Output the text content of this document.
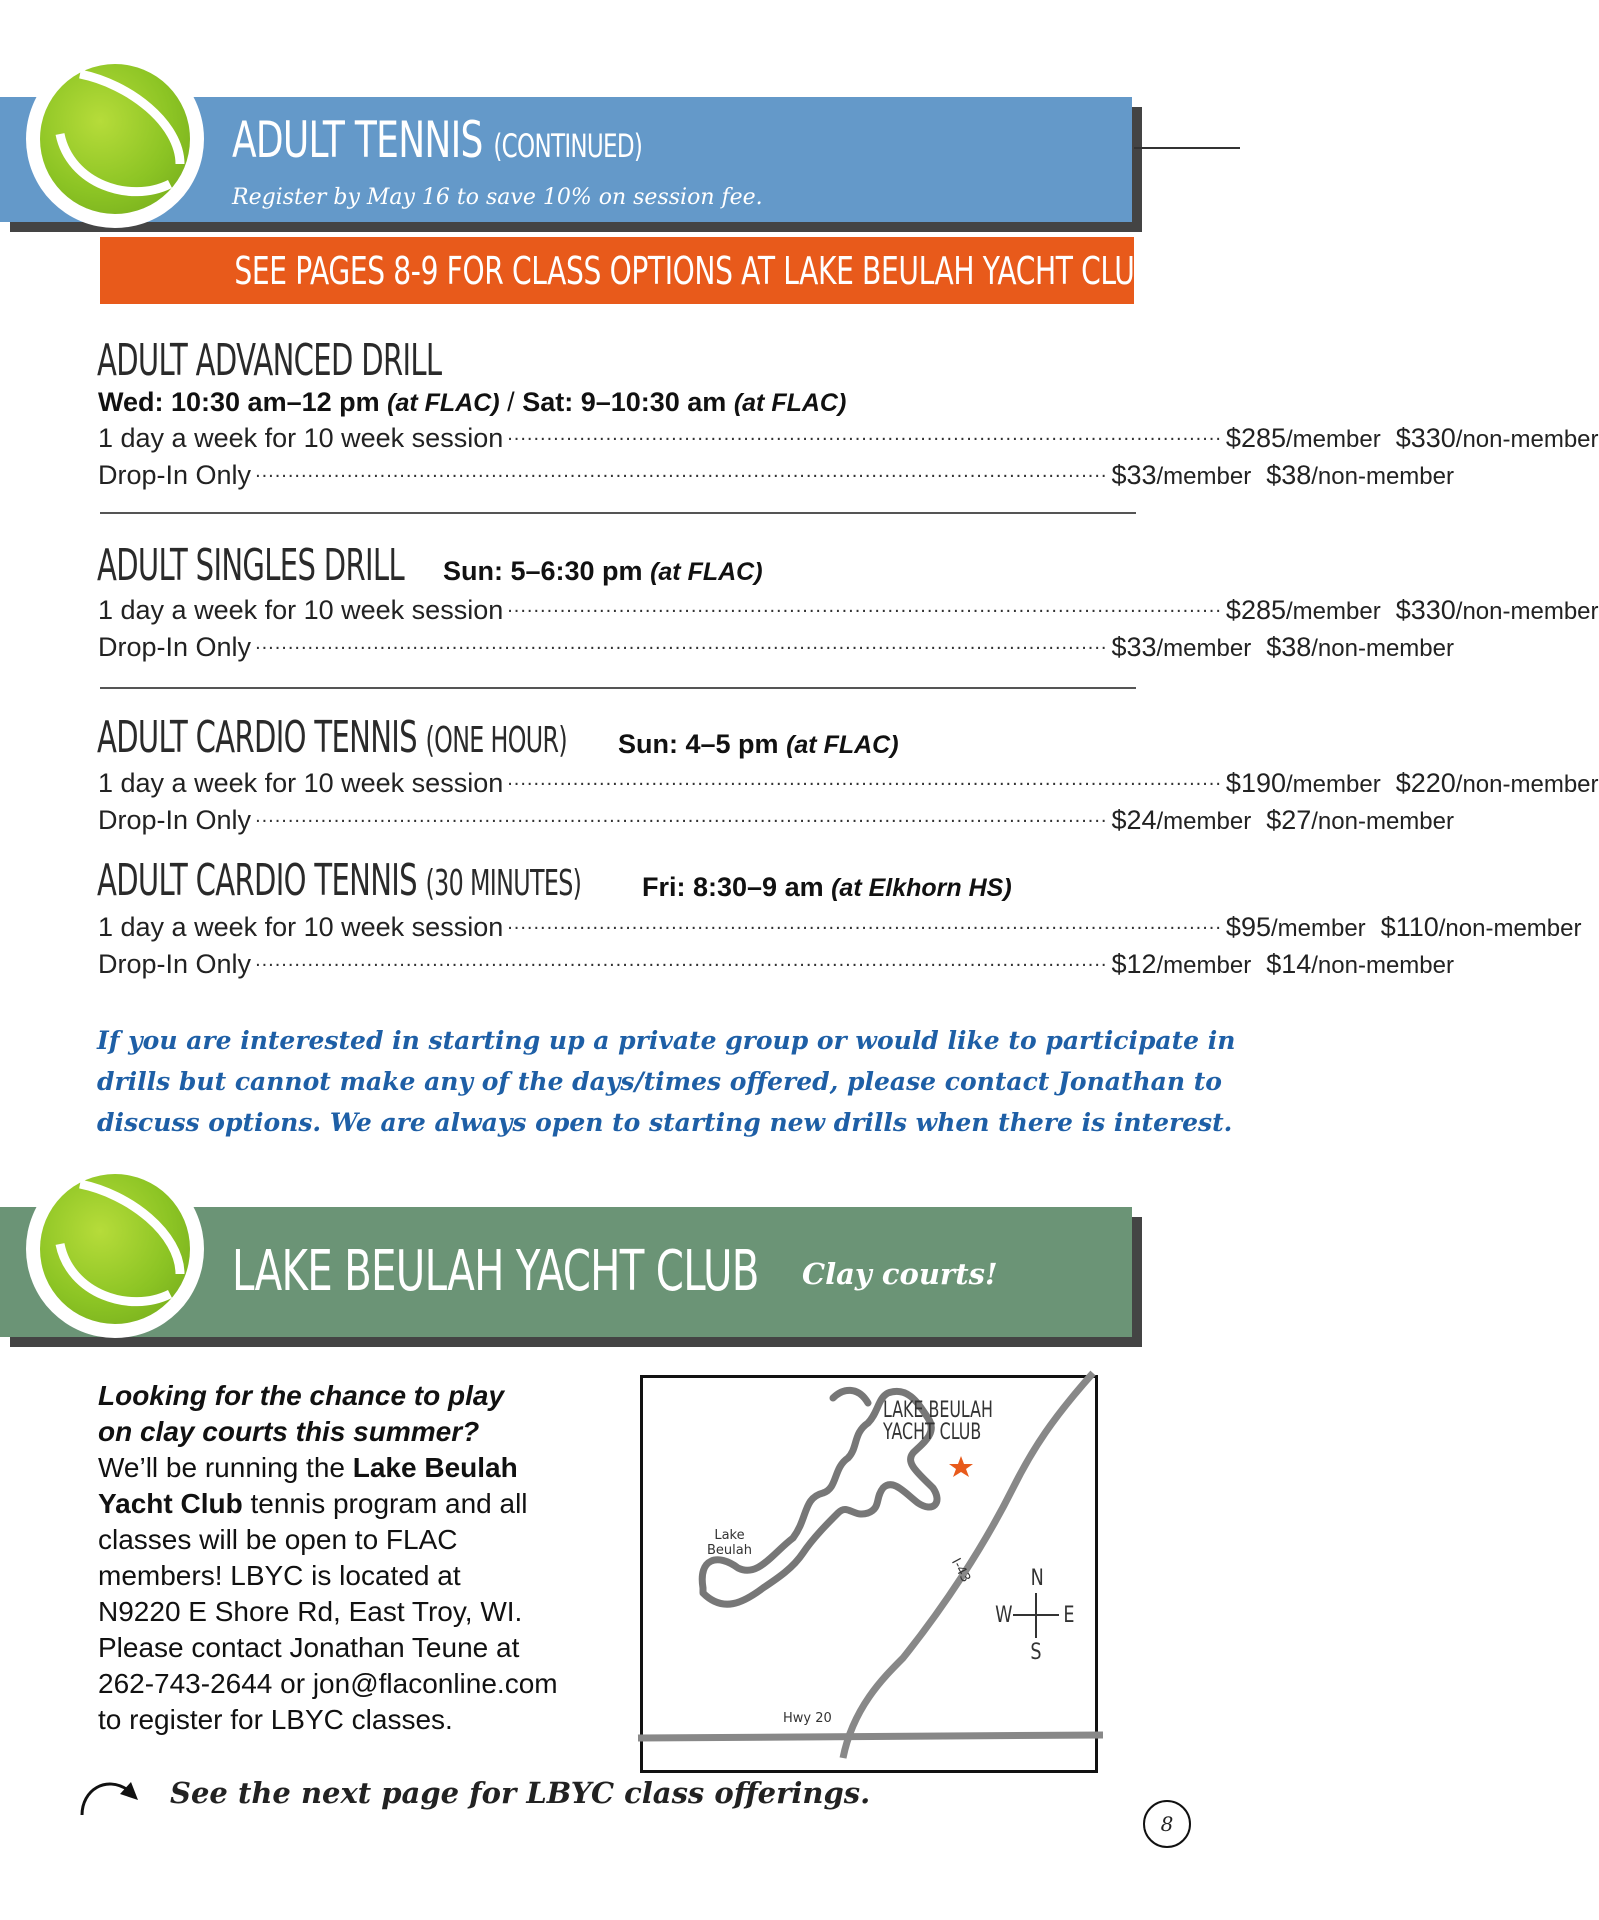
ADULT TENNIS (CONTINUED)
Register by May 16 to save 10% on session fee.
SEE PAGES 8-9 FOR CLASS OPTIONS AT LAKE BEULAH YACHT CLUB
ADULT ADVANCED DRILL
Wed: 10:30 am–12 pm (at FLAC) / Sat: 9–10:30 am (at FLAC)
1 day a week for 10 week session ............................................................................................................. $285/member $330/non-member
Drop-In Only .................................................................................................................................. $33/member $38/non-member
ADULT SINGLES DRILL Sun: 5–6:30 pm (at FLAC)
1 day a week for 10 week session ............................................................................................................. $285/member $330/non-member
Drop-In Only .................................................................................................................................. $33/member $38/non-member
ADULT CARDIO TENNIS (ONE HOUR) Sun: 4–5 pm (at FLAC)
1 day a week for 10 week session ............................................................................................................. $190/member $220/non-member
Drop-In Only .................................................................................................................................. $24/member $27/non-member
ADULT CARDIO TENNIS (30 MINUTES) Fri: 8:30–9 am (at Elkhorn HS)
1 day a week for 10 week session ............................................................................................................. $95/member $110/non-member
Drop-In Only .................................................................................................................................. $12/member $14/non-member
If you are interested in starting up a private group or would like to participate in
drills but cannot make any of the days/times offered, please contact Jonathan to
discuss options. We are always open to starting new drills when there is interest.
LAKE BEULAH YACHT CLUB Clay courts!
Looking for the chance to play
on clay courts this summer?
We’ll be running the Lake Beulah
Yacht Club tennis program and all
classes will be open to FLAC
members! LBYC is located at
N9220 E Shore Rd, East Troy, WI.
Please contact Jonathan Teune at
262-743-2644 or jon@flaconline.com
to register for LBYC classes.
LAKE BEULAH
YACHT CLUB
Lake
Beulah
I-43
Hwy 20
N
S
W E
See the next page for LBYC class offerings.
8
